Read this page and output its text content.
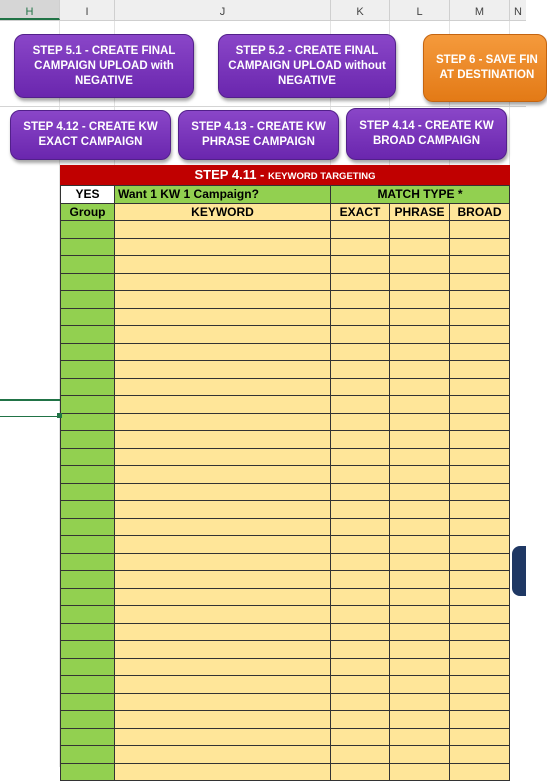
H	I	J	K	L	M	N
STEP 5.1 - CREATE FINAL
CAMPAIGN UPLOAD with
NEGATIVE
STEP 5.2 - CREATE FINAL
CAMPAIGN UPLOAD without
NEGATIVE
STEP 6 - SAVE FIN
AT DESTINATION
STEP 4.12 - CREATE KW
EXACT CAMPAIGN
STEP 4.13 - CREATE KW
PHRASE CAMPAIGN
STEP 4.14 - CREATE KW
BROAD CAMPAIGN
STEP 4.11 - KEYWORD TARGETING
YES	Want 1 KW 1 Campaign?	MATCH TYPE *		
Group	KEYWORD	EXACT	PHRASE	BROAD
